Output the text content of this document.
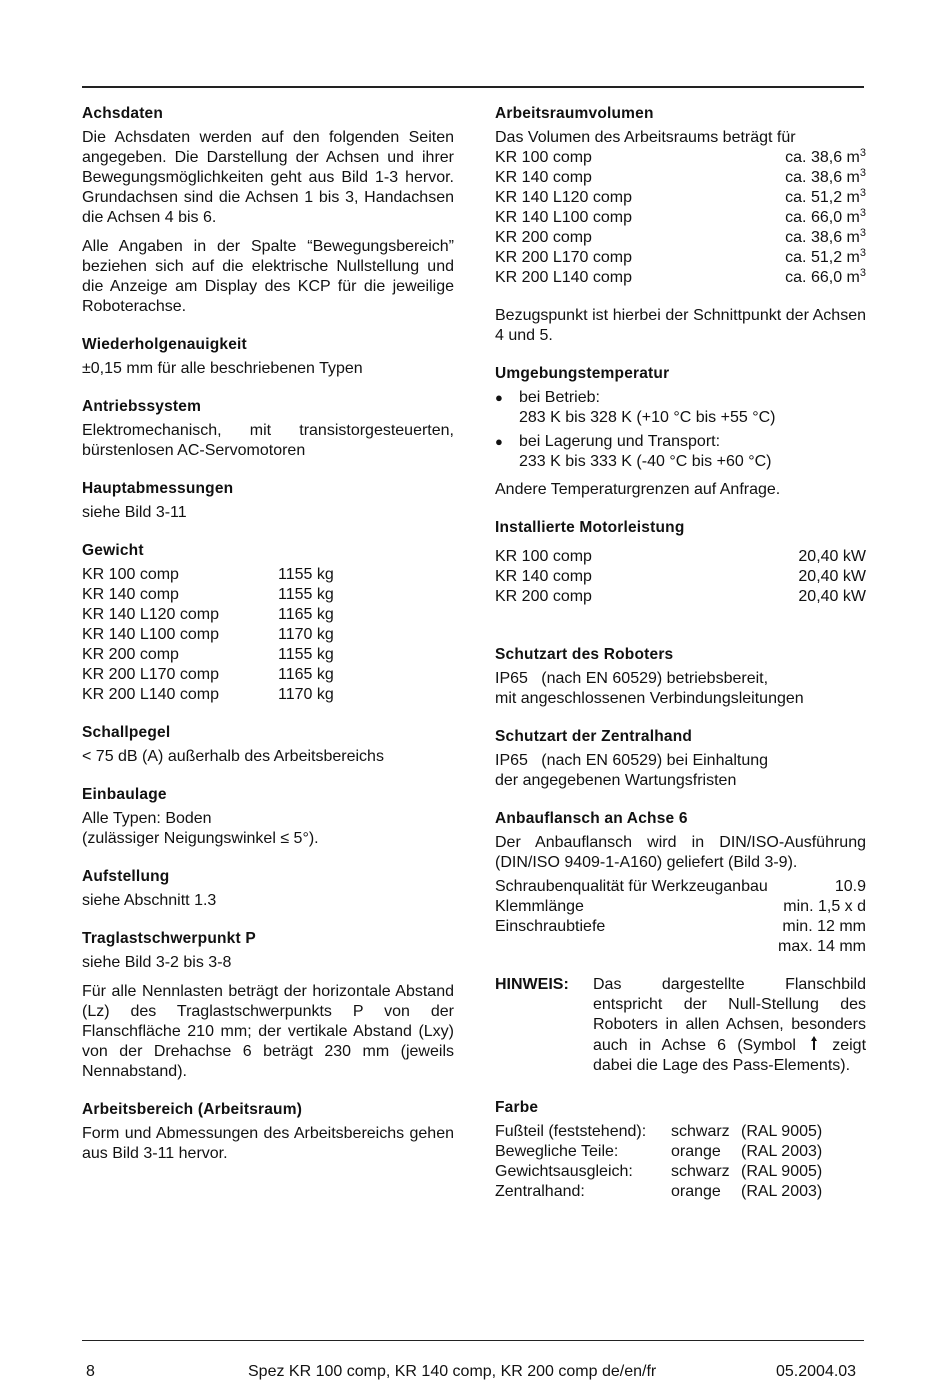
Achsdaten

Die Achsdaten werden auf den folgenden Seiten angegeben. Die Darstellung der Achsen und ihrer Bewegungsmöglichkeiten geht aus Bild 1-3 hervor. Grundachsen sind die Achsen 1 bis 3, Handachsen die Achsen 4 bis 6.

Alle Angaben in der Spalte “Bewegungsbereich” beziehen sich auf die elektrische Nullstellung und die Anzeige am Display des KCP für die jeweilige Roboterachse.

Wiederholgenauigkeit

±0,15 mm für alle beschriebenen Typen

Antriebssystem

Elektromechanisch, mit transistorgesteuerten, bürstenlosen AC-Servomotoren

Hauptabmessungen

siehe Bild 3-11

Gewicht
KR 100 comp	1155 kg
KR 140 comp	1155 kg
KR 140 L120 comp	1165 kg
KR 140 L100 comp	1170 kg
KR 200 comp	1155 kg
KR 200 L170 comp	1165 kg
KR 200 L140 comp	1170 kg
Schallpegel

< 75 dB (A) außerhalb des Arbeitsbereichs

Einbaulage

Alle Typen: Boden

(zulässiger Neigungswinkel ≤ 5°).

Aufstellung

siehe Abschnitt 1.3

Traglastschwerpunkt P

siehe Bild 3-2 bis 3-8

Für alle Nennlasten beträgt der horizontale Abstand (Lz) des Traglastschwerpunkts P von der Flanschfläche 210 mm; der vertikale Abstand (Lxy) von der Drehachse 6 beträgt 230 mm (jeweils Nennabstand).

Arbeitsbereich (Arbeitsraum)

Form und Abmessungen des Arbeitsbereichs gehen aus Bild 3-11 hervor.

Arbeitsraumvolumen

Das Volumen des Arbeitsraums beträgt für

KR 100 comp	ca. 38,6 $m^3$
KR 140 comp	ca. 38,6 $m^3$
KR 140 L120 comp	ca. 51,2 $m^3$
KR 140 L100 comp	ca. 66,0 $m^3$
KR 200 comp	ca. 38,6 $m^3$
KR 200 L170 comp	ca. 51,2 $m^3$
KR 200 L140 comp	ca. 66,0 $m^3$

Bezugspunkt ist hierbei der Schnittpunkt der Achsen 4 und 5.

Umgebungstemperatur
●	bei Betrieb:
283 K bis 328 K (+10 °C bis +55 °C)
●	bei Lagerung und Transport:
233 K bis 333 K (-40 °C bis +60 °C)

Andere Temperaturgrenzen auf Anfrage.

Installierte Motorleistung
KR 100 comp	20,40 kW
KR 140 comp	20,40 kW
KR 200 comp	20,40 kW
Schutzart des Roboters

IP65   (nach EN 60529) betriebsbereit,

mit angeschlossenen Verbindungsleitungen

Schutzart der Zentralhand

IP65   (nach EN 60529) bei Einhaltung

der angegebenen Wartungsfristen

Anbauflansch an Achse 6

Der Anbauflansch wird in DIN/ISO-Ausführung (DIN/ISO 9409-1-A160) geliefert (Bild 3-9).

Schraubenqualität für Werkzeuganbau	10.9
Klemmlänge	min. 1,5 x d
Einschraubtiefe	min. 12 mm
max. 14 mm
HINWEIS:	Das dargestellte Flanschbild entspricht der Null-Stellung des Roboters in allen Achsen, besonders auch in Achse 6 (Symbol zeigt dabei die Lage des Pass-Elements).
Farbe
Fußteil (feststehend):	schwarz (RAL 9005)
Bewegliche Teile:	orange	(RAL 2003)
Gewichtsausgleich:	schwarz (RAL 9005)
Zentralhand:	orange	(RAL 2003)
8	Spez KR 100 comp, KR 140 comp, KR 200 comp de/en/fr	05.2004.03
